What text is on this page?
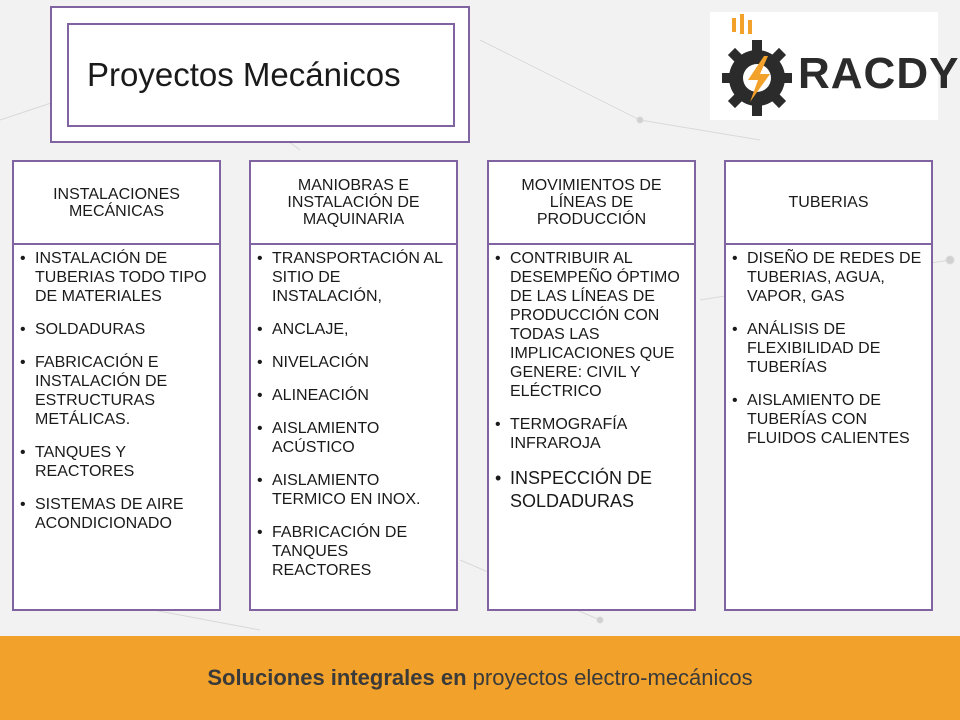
Proyectos Mecánicos	RACDY
INSTALACIONES MECÁNICAS
• INSTALACIÓN DE TUBERIAS TODO TIPO DE MATERIALES
• SOLDADURAS
• FABRICACIÓN E INSTALACIÓN DE ESTRUCTURAS METÁLICAS.
• TANQUES Y REACTORES
• SISTEMAS DE AIRE ACONDICIONADO
MANIOBRAS E INSTALACIÓN DE MAQUINARIA
• TRANSPORTACIÓN AL SITIO DE INSTALACIÓN,
• ANCLAJE,
• NIVELACIÓN
• ALINEACIÓN
• AISLAMIENTO ACÚSTICO
• AISLAMIENTO TERMICO EN INOX.
• FABRICACIÓN DE TANQUES REACTORES
MOVIMIENTOS DE LÍNEAS DE PRODUCCIÓN
• CONTRIBUIR AL DESEMPEÑO ÓPTIMO DE LAS LÍNEAS DE PRODUCCIÓN CON TODAS LAS IMPLICACIONES QUE GENERE: CIVIL Y ELÉCTRICO
• TERMOGRAFÍA INFRAROJA
• INSPECCIÓN DE SOLDADURAS
TUBERIAS
• DISEÑO DE REDES DE TUBERIAS, AGUA, VAPOR, GAS
• ANÁLISIS DE FLEXIBILIDAD DE TUBERÍAS
• AISLAMIENTO DE TUBERÍAS CON FLUIDOS CALIENTES
Soluciones integrales en proyectos electro-mecánicos
